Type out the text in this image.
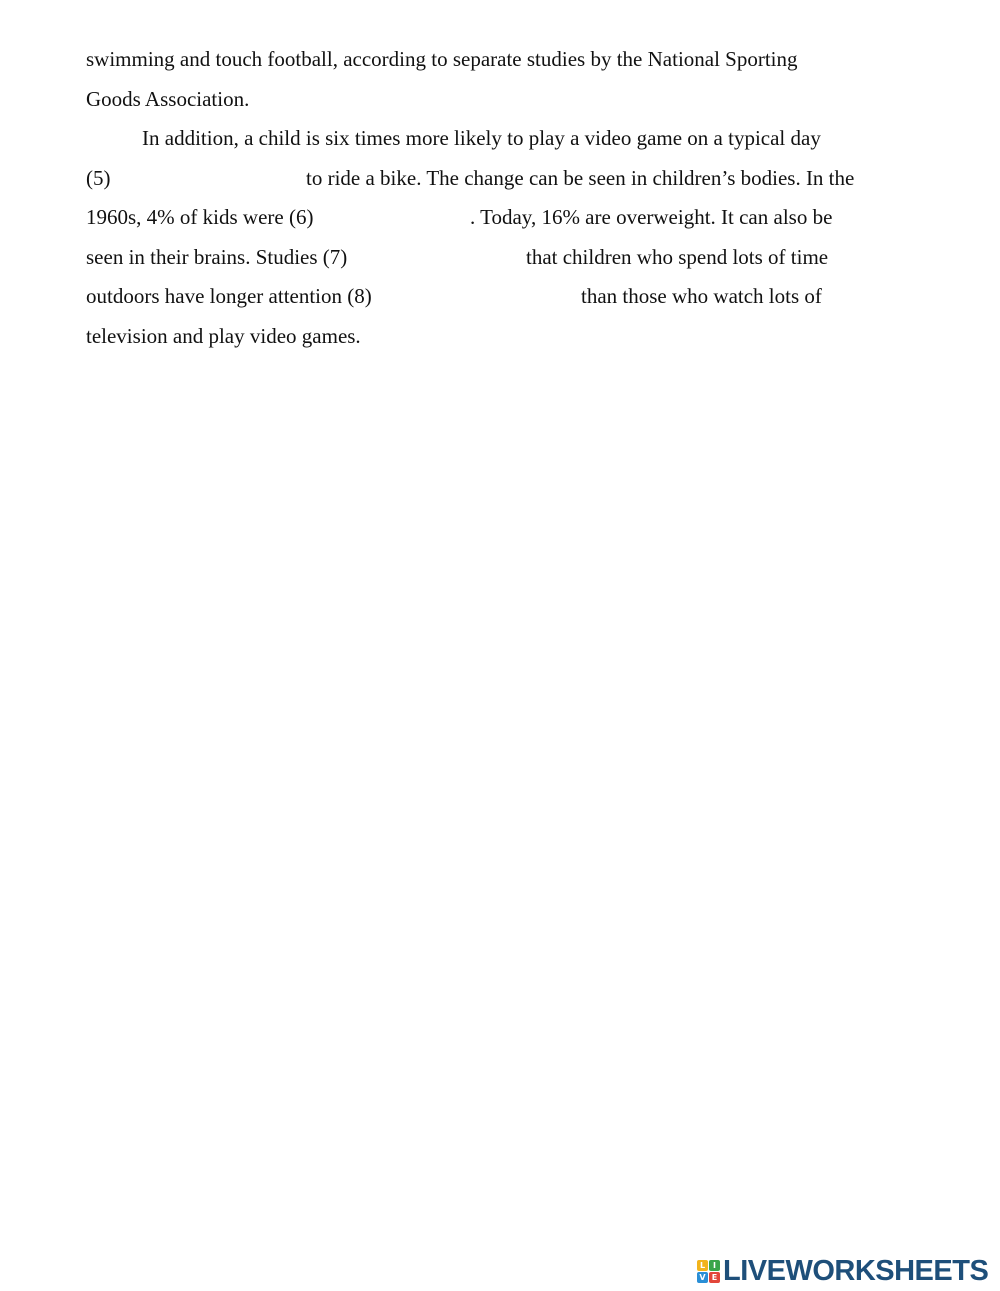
swimming and touch football, according to separate studies by the National Sporting
Goods Association.
In addition, a child is six times more likely to play a video game on a typical day
(5)	to ride a bike. The change can be seen in children’s bodies. In the
1960s, 4% of kids were (6)	. Today, 16% are overweight. It can also be
seen in their brains. Studies (7)	that children who spend lots of time
outdoors have longer attention (8)	than those who watch lots of
television and play video games.
L I
V E LIVEWORKSHEETS
